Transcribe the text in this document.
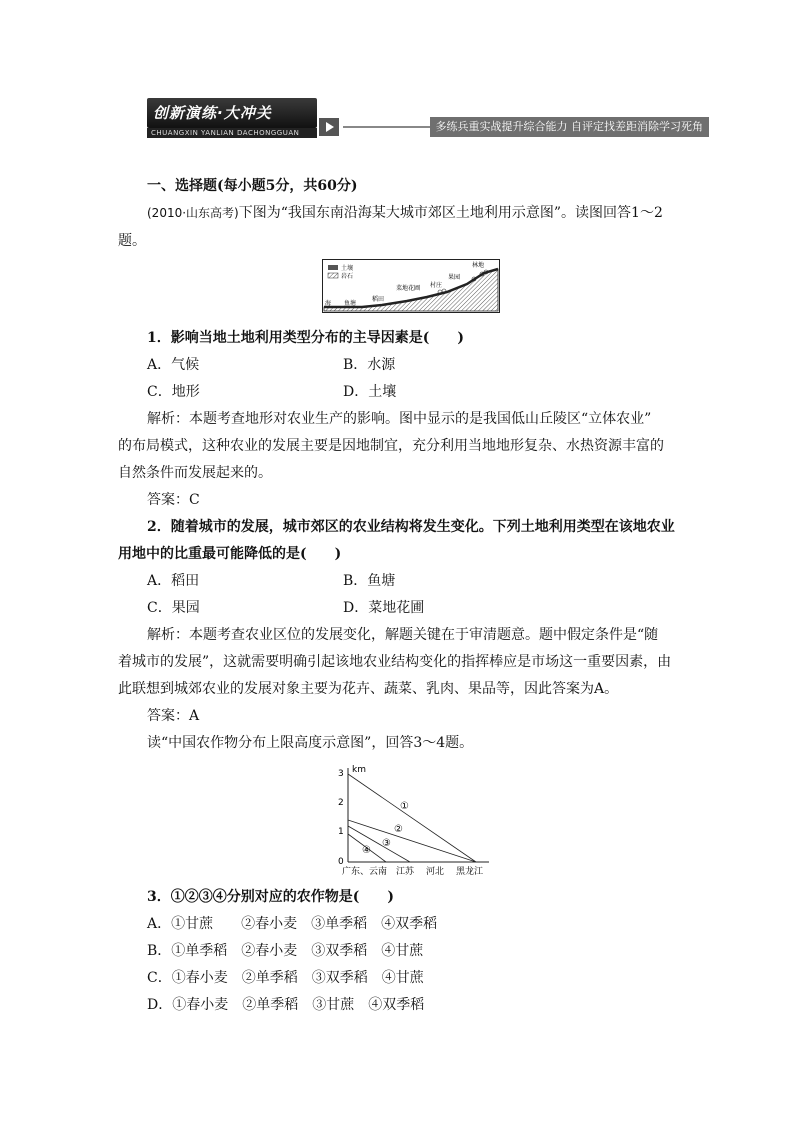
创新演练·大冲关
CHUANGXIN YANLIAN DACHONGGUAN	多练兵重实战提升综合能力 自评定找差距消除学习死角
一、选择题(每小题5分，共60分)
(2010·山东高考)下图为“我国东南沿海某大城市郊区土地利用示意图”。读图回答1～2
题。
土壤
岩石
海 鱼塘
稻田
菜地花圃 村庄
果园
林地
1．影响当地土地利用类型分布的主导因素是(　　)
A．气候	B．水源
C．地形	D．土壤
解析：本题考查地形对农业生产的影响。图中显示的是我国低山丘陵区“立体农业”
的布局模式，这种农业的发展主要是因地制宜，充分利用当地地形复杂、水热资源丰富的
自然条件而发展起来的。
答案：C
2．随着城市的发展，城市郊区的农业结构将发生变化。下列土地利用类型在该地农业
用地中的比重最可能降低的是(　　)
A．稻田	B．鱼塘
C．果园	D．菜地花圃
解析：本题考查农业区位的发展变化，解题关键在于审清题意。题中假定条件是“随
着城市的发展”，这就需要明确引起该地农业结构变化的指挥棒应是市场这一重要因素，由
此联想到城郊农业的发展对象主要为花卉、蔬菜、乳肉、果品等，因此答案为A。
答案：A
读“中国农作物分布上限高度示意图”，回答3～4题。
km
3
2
1
0
①
②
③
④
广东、云南 江苏 河北 黑龙江
3．①②③④分别对应的农作物是(　　)
A．①甘蔗　　②春小麦　③单季稻　④双季稻
B．①单季稻　②春小麦　③双季稻　④甘蔗
C．①春小麦　②单季稻　③双季稻　④甘蔗
D．①春小麦　②单季稻　③甘蔗　④双季稻
